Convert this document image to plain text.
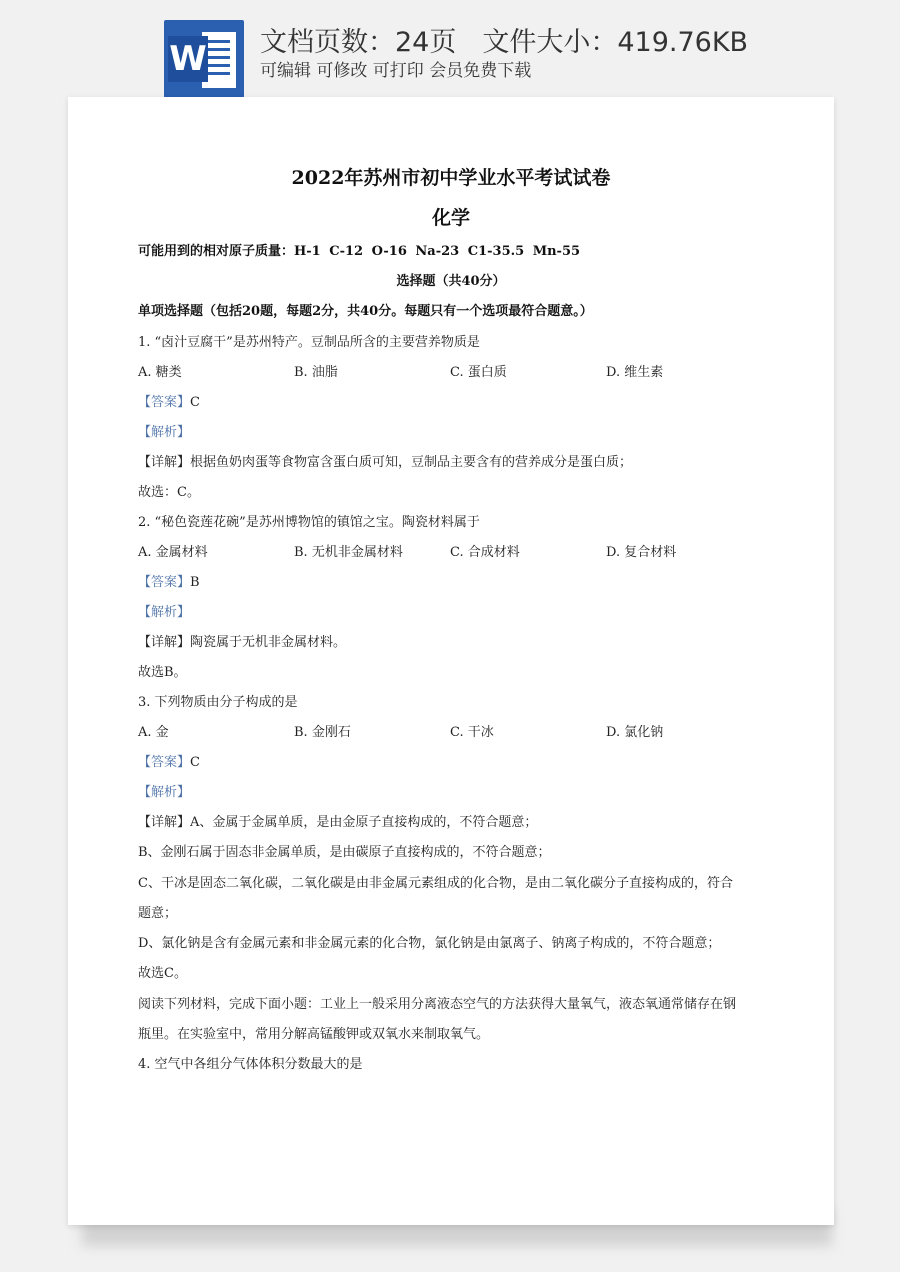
W 文档页数：24页 文件大小：419.76KB
可编辑 可修改 可打印 会员免费下载
2022年苏州市初中学业水平考试试卷
化学
可能用到的相对原子质量：H-1 C-12 O-16 Na-23 C1-35.5 Mn-55
选择题（共40分）
单项选择题（包括20题，每题2分，共40分。每题只有一个选项最符合题意。）
1. “卤汁豆腐干”是苏州特产。豆制品所含的主要营养物质是
A. 糖类	B. 油脂	C. 蛋白质	D. 维生素
【答案】C
【解析】
【详解】根据鱼奶肉蛋等食物富含蛋白质可知，豆制品主要含有的营养成分是蛋白质；
故选：C。
2. “秘色瓷莲花碗”是苏州博物馆的镇馆之宝。陶瓷材料属于
A. 金属材料	B. 无机非金属材料	C. 合成材料	D. 复合材料
【答案】B
【解析】
【详解】陶瓷属于无机非金属材料。
故选B。
3. 下列物质由分子构成的是
A. 金	B. 金刚石	C. 干冰	D. 氯化钠
【答案】C
【解析】
【详解】A、金属于金属单质，是由金原子直接构成的，不符合题意；
B、金刚石属于固态非金属单质，是由碳原子直接构成的，不符合题意；
C、干冰是固态二氧化碳，二氧化碳是由非金属元素组成的化合物，是由二氧化碳分子直接构成的，符合
题意；
D、氯化钠是含有金属元素和非金属元素的化合物，氯化钠是由氯离子、钠离子构成的，不符合题意；
故选C。
阅读下列材料，完成下面小题：工业上一般采用分离液态空气的方法获得大量氧气，液态氧通常储存在钢
瓶里。在实验室中，常用分解高锰酸钾或双氧水来制取氧气。
4. 空气中各组分气体体积分数最大的是
